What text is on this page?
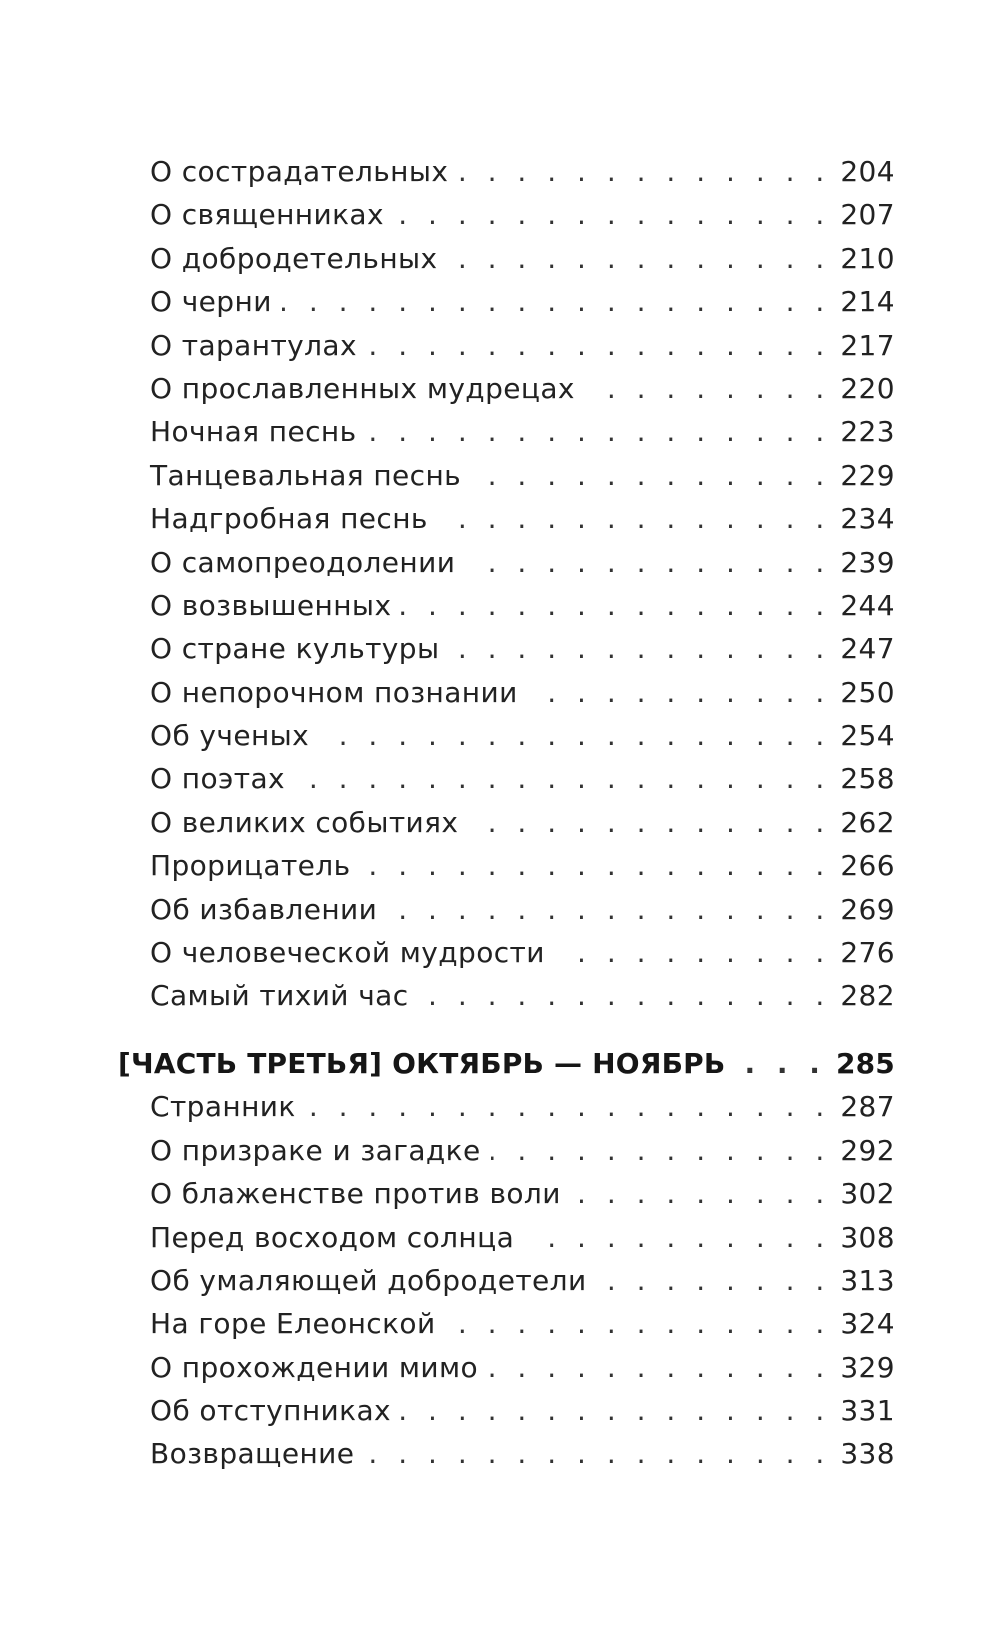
О сострадательных . . .	204
О священниках . . .	207
О добродетельных . . .	210
О черни . . .	214
О тарантулах . . .	217
О прославленных мудрецах . . .	220
Ночная песнь . . .	223
Танцевальная песнь . . .	229
Надгробная песнь . . .	234
О самопреодолении . . .	239
О возвышенных . . .	244
О стране культуры . . .	247
О непорочном познании . . .	250
Об ученых . . .	254
О поэтах . . .	258
О великих событиях . . .	262
Прорицатель . . .	266
Об избавлении . . .	269
О человеческой мудрости . . .	276
Самый тихий час . . .	282
[ЧАСТЬ ТРЕТЬЯ] ОКТЯБРЬ — НОЯБРЬ . . .	285
Странник . . .	287
О призраке и загадке . . .	292
О блаженстве против воли . . .	302
Перед восходом солнца . . .	308
Об умаляющей добродетели . . .	313
На горе Елеонской . . .	324
О прохождении мимо . . .	329
Об отступниках . . .	331
Возвращение . . .	338
